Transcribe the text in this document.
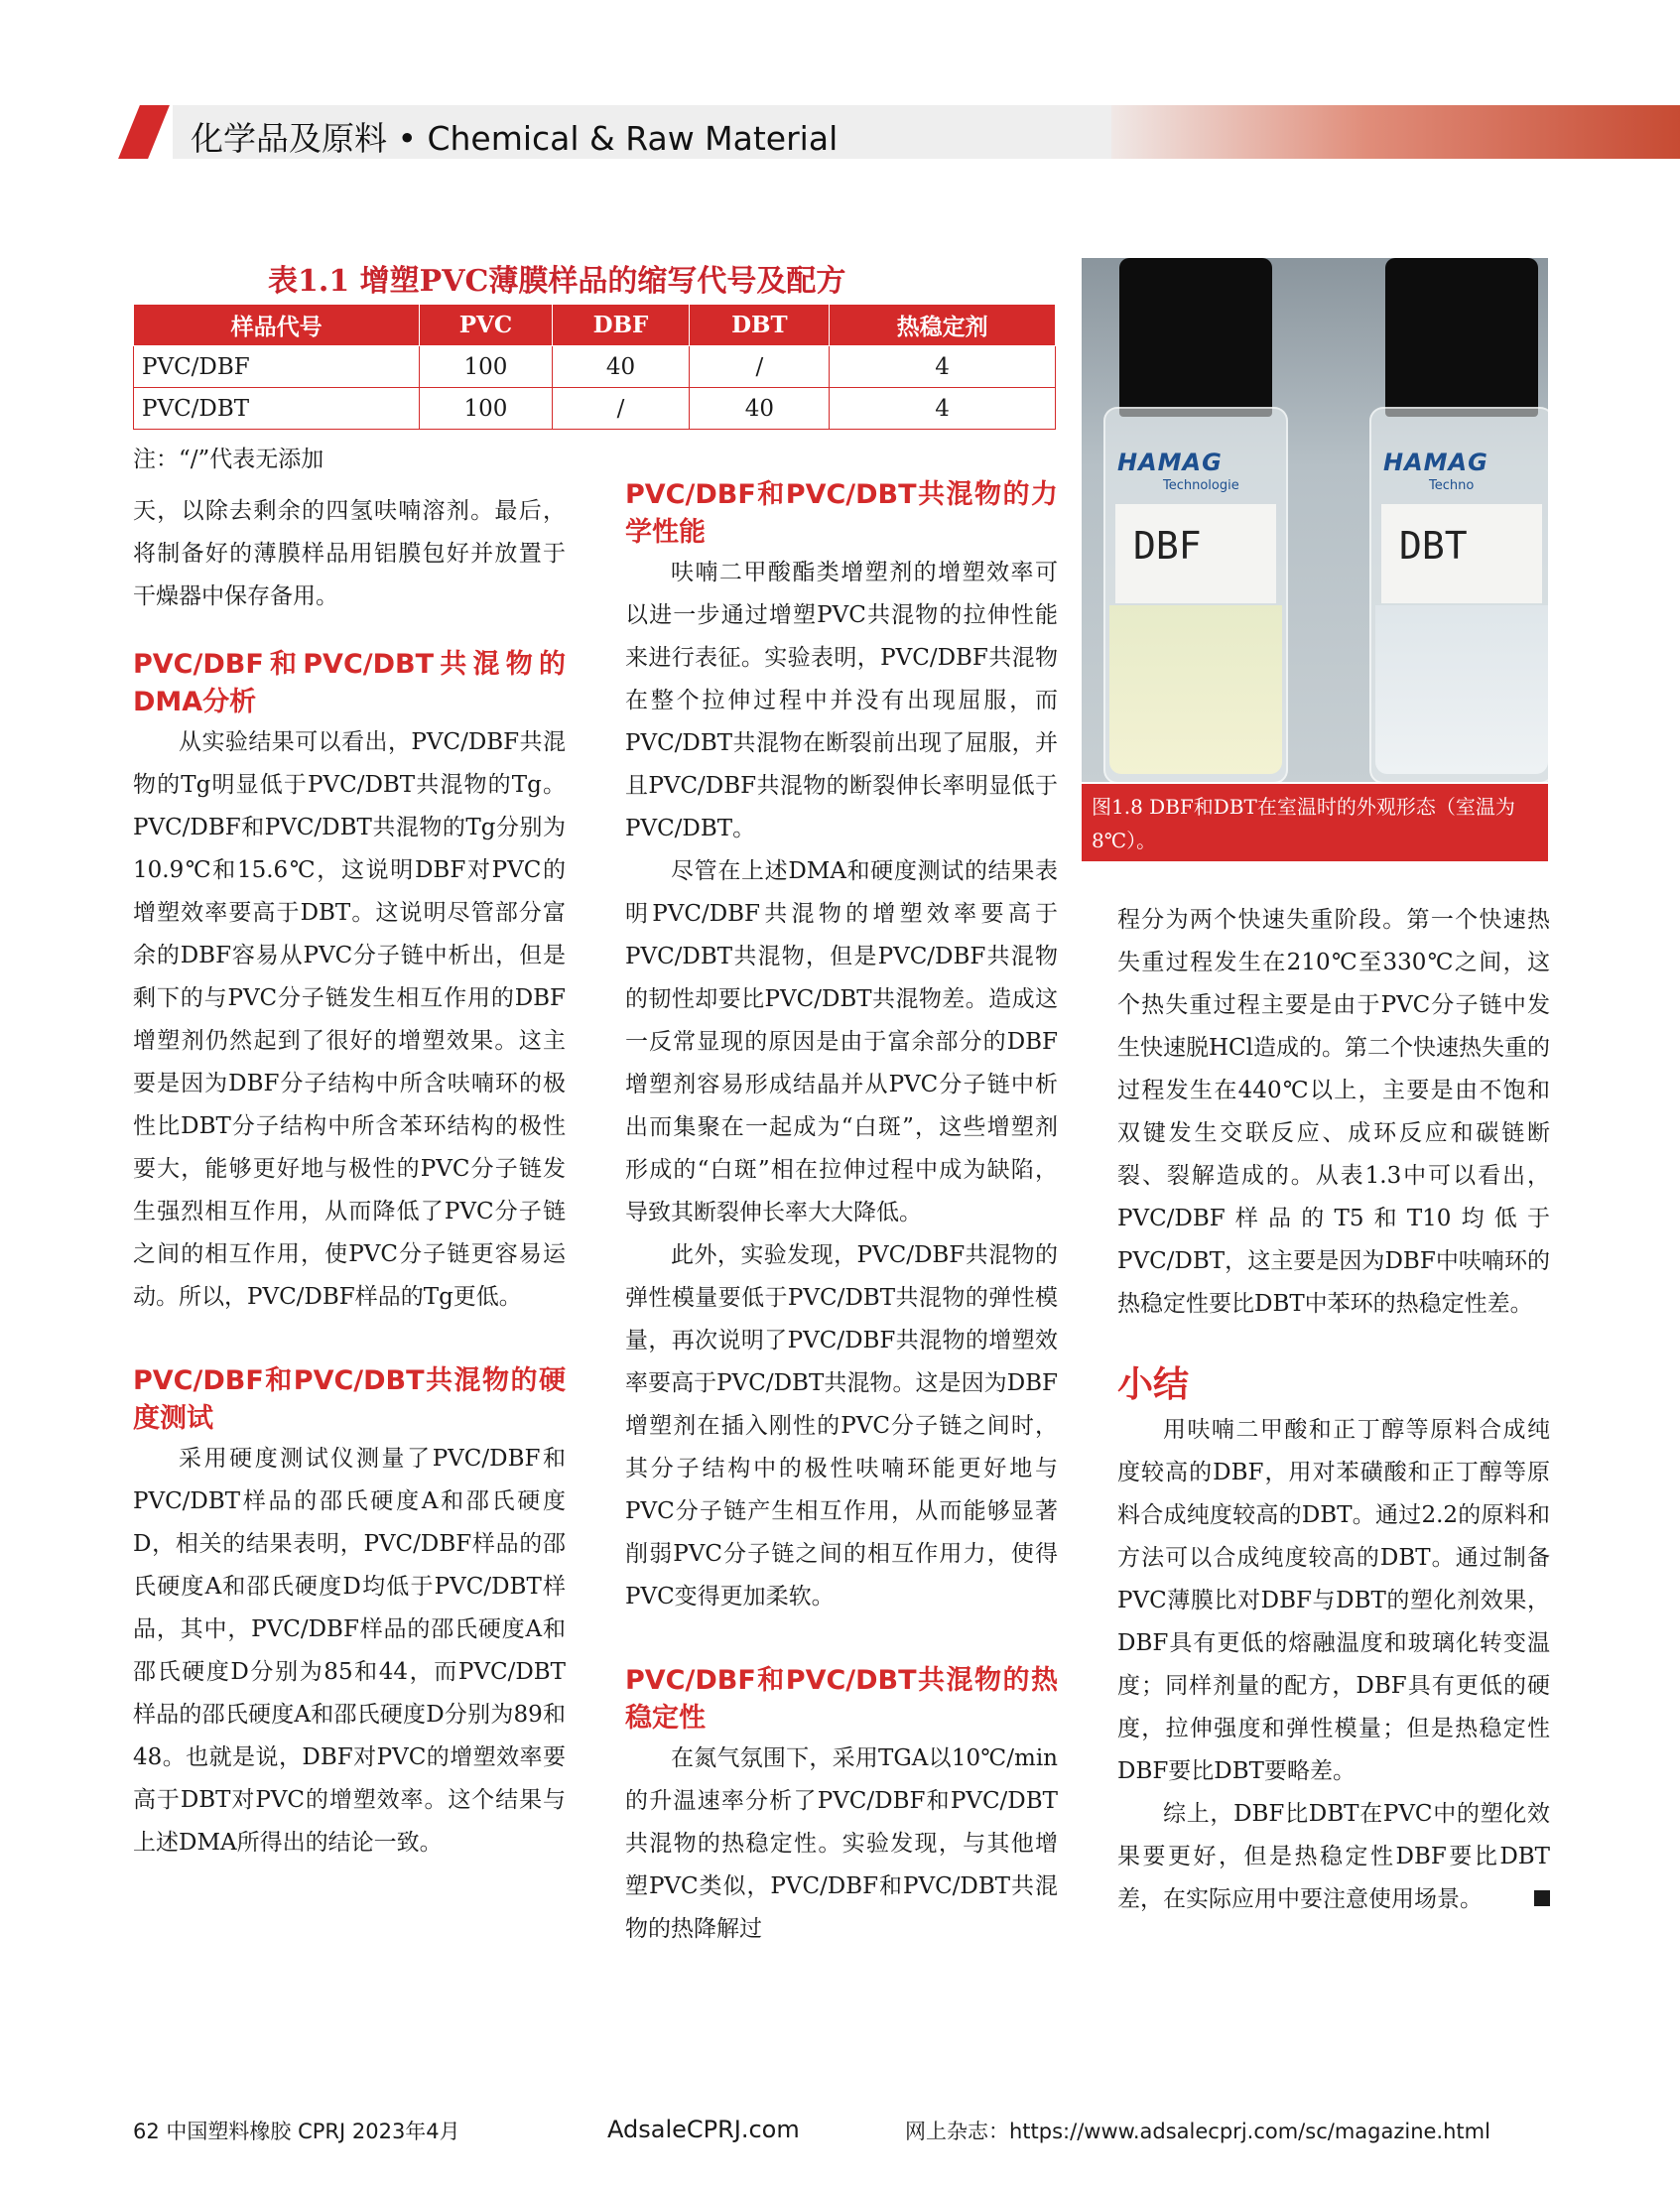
化学品及原料 • Chemical & Raw Material
表1.1 增塑PVC薄膜样品的缩写代号及配方
样品代号	PVC	DBF	DBT	热稳定剂
PVC/DBF	100	40	/	4
PVC/DBT	100	/	40	4
注：“/”代表无添加	HAMAG
Technologie
DBF
HAMAG
Techno
DBT
图1.8 DBF和DBT在室温时的外观形态（室温为8℃）。

天，以除去剩余的四氢呋喃溶剂。最后，将制备好的薄膜样品用铝膜包好并放置于干燥器中保存备用。

PVC/DBF和PVC/DBT共混物的DMA分析

从实验结果可以看出，PVC/DBF共混物的Tg明显低于PVC/DBT共混物的Tg。PVC/DBF和PVC/DBT共混物的Tg分别为10.9℃和15.6℃，这说明DBF对PVC的增塑效率要高于DBT。这说明尽管部分富余的DBF容易从PVC分子链中析出，但是剩下的与PVC分子链发生相互作用的DBF增塑剂仍然起到了很好的增塑效果。这主要是因为DBF分子结构中所含呋喃环的极性比DBT分子结构中所含苯环结构的极性要大，能够更好地与极性的PVC分子链发生强烈相互作用，从而降低了PVC分子链之间的相互作用，使PVC分子链更容易运动。所以，PVC/DBF样品的Tg更低。

PVC/DBF和PVC/DBT共混物的硬度测试

采用硬度测试仪测量了PVC/DBF和PVC/DBT样品的邵氏硬度A和邵氏硬度D，相关的结果表明，PVC/DBF样品的邵氏硬度A和邵氏硬度D均低于PVC/DBT样品，其中，PVC/DBF样品的邵氏硬度A和邵氏硬度D分别为85和44，而PVC/DBT样品的邵氏硬度A和邵氏硬度D分别为89和48。也就是说，DBF对PVC的增塑效率要高于DBT对PVC的增塑效率。这个结果与上述DMA所得出的结论一致。

PVC/DBF和PVC/DBT共混物的力学性能

呋喃二甲酸酯类增塑剂的增塑效率可以进一步通过增塑PVC共混物的拉伸性能来进行表征。实验表明，PVC/DBF共混物在整个拉伸过程中并没有出现屈服，而PVC/DBT共混物在断裂前出现了屈服，并且PVC/DBF共混物的断裂伸长率明显低于PVC/DBT。

尽管在上述DMA和硬度测试的结果表明PVC/DBF共混物的增塑效率要高于PVC/DBT共混物，但是PVC/DBF共混物的韧性却要比PVC/DBT共混物差。造成这一反常显现的原因是由于富余部分的DBF增塑剂容易形成结晶并从PVC分子链中析出而集聚在一起成为“白斑”，这些增塑剂形成的“白斑”相在拉伸过程中成为缺陷，导致其断裂伸长率大大降低。

此外，实验发现，PVC/DBF共混物的弹性模量要低于PVC/DBT共混物的弹性模量，再次说明了PVC/DBF共混物的增塑效率要高于PVC/DBT共混物。这是因为DBF增塑剂在插入刚性的PVC分子链之间时，其分子结构中的极性呋喃环能更好地与PVC分子链产生相互作用，从而能够显著削弱PVC分子链之间的相互作用力，使得PVC变得更加柔软。

PVC/DBF和PVC/DBT共混物的热稳定性

在氮气氛围下，采用TGA以10℃/min的升温速率分析了PVC/DBF和PVC/DBT共混物的热稳定性。实验发现，与其他增塑PVC类似，PVC/DBF和PVC/DBT共混物的热降解过

程分为两个快速失重阶段。第一个快速热失重过程发生在210℃至330℃之间，这个热失重过程主要是由于PVC分子链中发生快速脱HCl造成的。第二个快速热失重的过程发生在440℃以上，主要是由不饱和双键发生交联反应、成环反应和碳链断裂、裂解造成的。从表1.3中可以看出，PVC/DBF样品的T5和T10均低于PVC/DBT，这主要是因为DBF中呋喃环的热稳定性要比DBT中苯环的热稳定性差。

小结

用呋喃二甲酸和正丁醇等原料合成纯度较高的DBF，用对苯磺酸和正丁醇等原料合成纯度较高的DBT。通过2.2的原料和方法可以合成纯度较高的DBT。通过制备PVC薄膜比对DBF与DBT的塑化剂效果，DBF具有更低的熔融温度和玻璃化转变温度；同样剂量的配方，DBF具有更低的硬度，拉伸强度和弹性模量；但是热稳定性DBF要比DBT要略差。

综上，DBF比DBT在PVC中的塑化效果要更好，但是热稳定性DBF要比DBT差，在实际应用中要注意使用场景。

62 中国塑料橡胶 CPRJ 2023年4月	AdsaleCPRJ.com	网上杂志：https://www.adsalecprj.com/sc/magazine.html
